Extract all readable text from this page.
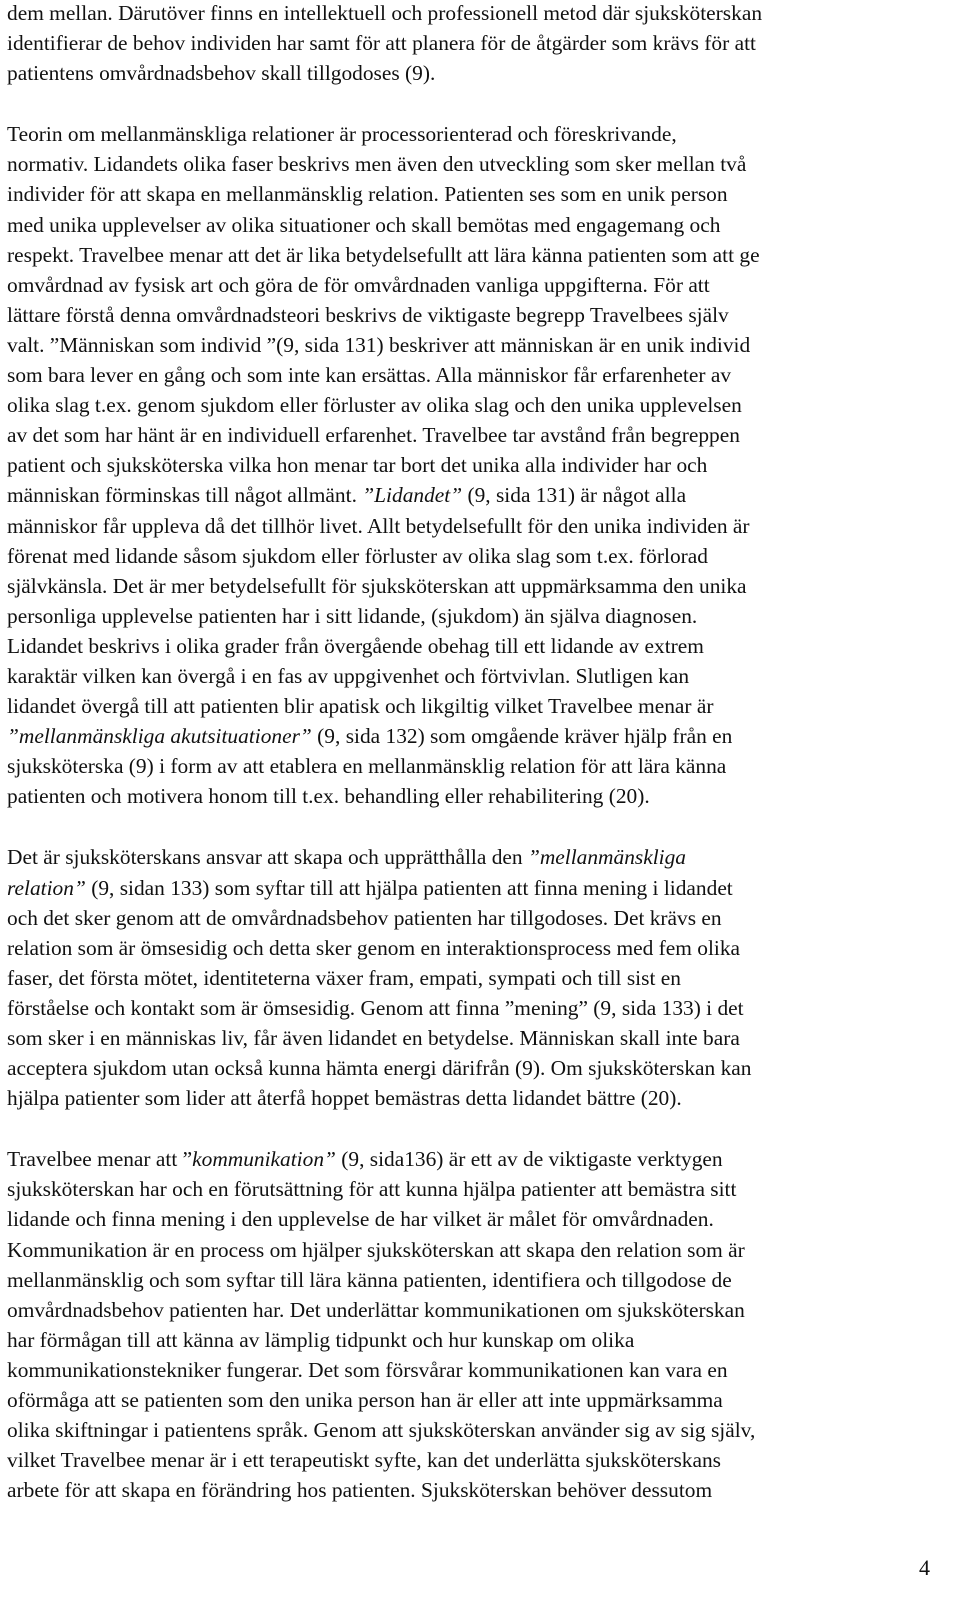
dem mellan. Därutöver finns en intellektuell och professionell metod där sjuksköterskan
identifierar de behov individen har samt för att planera för de åtgärder som krävs för att
patientens omvårdnadsbehov skall tillgodoses (9).
Teorin om mellanmänskliga relationer är processorienterad och föreskrivande,
normativ. Lidandets olika faser beskrivs men även den utveckling som sker mellan två
individer för att skapa en mellanmänsklig relation. Patienten ses som en unik person
med unika upplevelser av olika situationer och skall bemötas med engagemang och
respekt. Travelbee menar att det är lika betydelsefullt att lära känna patienten som att ge
omvårdnad av fysisk art och göra de för omvårdnaden vanliga uppgifterna. För att
lättare förstå denna omvårdnadsteori beskrivs de viktigaste begrepp Travelbees själv
valt. ”Människan som individ ”(9, sida 131) beskriver att människan är en unik individ
som bara lever en gång och som inte kan ersättas. Alla människor får erfarenheter av
olika slag t.ex. genom sjukdom eller förluster av olika slag och den unika upplevelsen
av det som har hänt är en individuell erfarenhet. Travelbee tar avstånd från begreppen
patient och sjuksköterska vilka hon menar tar bort det unika alla individer har och
människan förminskas till något allmänt. ”Lidandet” (9, sida 131) är något alla
människor får uppleva då det tillhör livet. Allt betydelsefullt för den unika individen är
förenat med lidande såsom sjukdom eller förluster av olika slag som t.ex. förlorad
självkänsla. Det är mer betydelsefullt för sjuksköterskan att uppmärksamma den unika
personliga upplevelse patienten har i sitt lidande, (sjukdom) än själva diagnosen.
Lidandet beskrivs i olika grader från övergående obehag till ett lidande av extrem
karaktär vilken kan övergå i en fas av uppgivenhet och förtvivlan. Slutligen kan
lidandet övergå till att patienten blir apatisk och likgiltig vilket Travelbee menar är
”mellanmänskliga akutsituationer” (9, sida 132) som omgående kräver hjälp från en
sjuksköterska (9) i form av att etablera en mellanmänsklig relation för att lära känna
patienten och motivera honom till t.ex. behandling eller rehabilitering (20).
Det är sjuksköterskans ansvar att skapa och upprätthålla den ”mellanmänskliga
relation” (9, sidan 133) som syftar till att hjälpa patienten att finna mening i lidandet
och det sker genom att de omvårdnadsbehov patienten har tillgodoses. Det krävs en
relation som är ömsesidig och detta sker genom en interaktionsprocess med fem olika
faser, det första mötet, identiteterna växer fram, empati, sympati och till sist en
förståelse och kontakt som är ömsesidig. Genom att finna ”mening” (9, sida 133) i det
som sker i en människas liv, får även lidandet en betydelse. Människan skall inte bara
acceptera sjukdom utan också kunna hämta energi därifrån (9). Om sjuksköterskan kan
hjälpa patienter som lider att återfå hoppet bemästras detta lidandet bättre (20).
Travelbee menar att ”kommunikation” (9, sida136) är ett av de viktigaste verktygen
sjuksköterskan har och en förutsättning för att kunna hjälpa patienter att bemästra sitt
lidande och finna mening i den upplevelse de har vilket är målet för omvårdnaden.
Kommunikation är en process om hjälper sjuksköterskan att skapa den relation som är
mellanmänsklig och som syftar till lära känna patienten, identifiera och tillgodose de
omvårdnadsbehov patienten har. Det underlättar kommunikationen om sjuksköterskan
har förmågan till att känna av lämplig tidpunkt och hur kunskap om olika
kommunikationstekniker fungerar. Det som försvårar kommunikationen kan vara en
oförmåga att se patienten som den unika person han är eller att inte uppmärksamma
olika skiftningar i patientens språk. Genom att sjuksköterskan använder sig av sig själv,
vilket Travelbee menar är i ett terapeutiskt syfte, kan det underlätta sjuksköterskans
arbete för att skapa en förändring hos patienten. Sjuksköterskan behöver dessutom
4
